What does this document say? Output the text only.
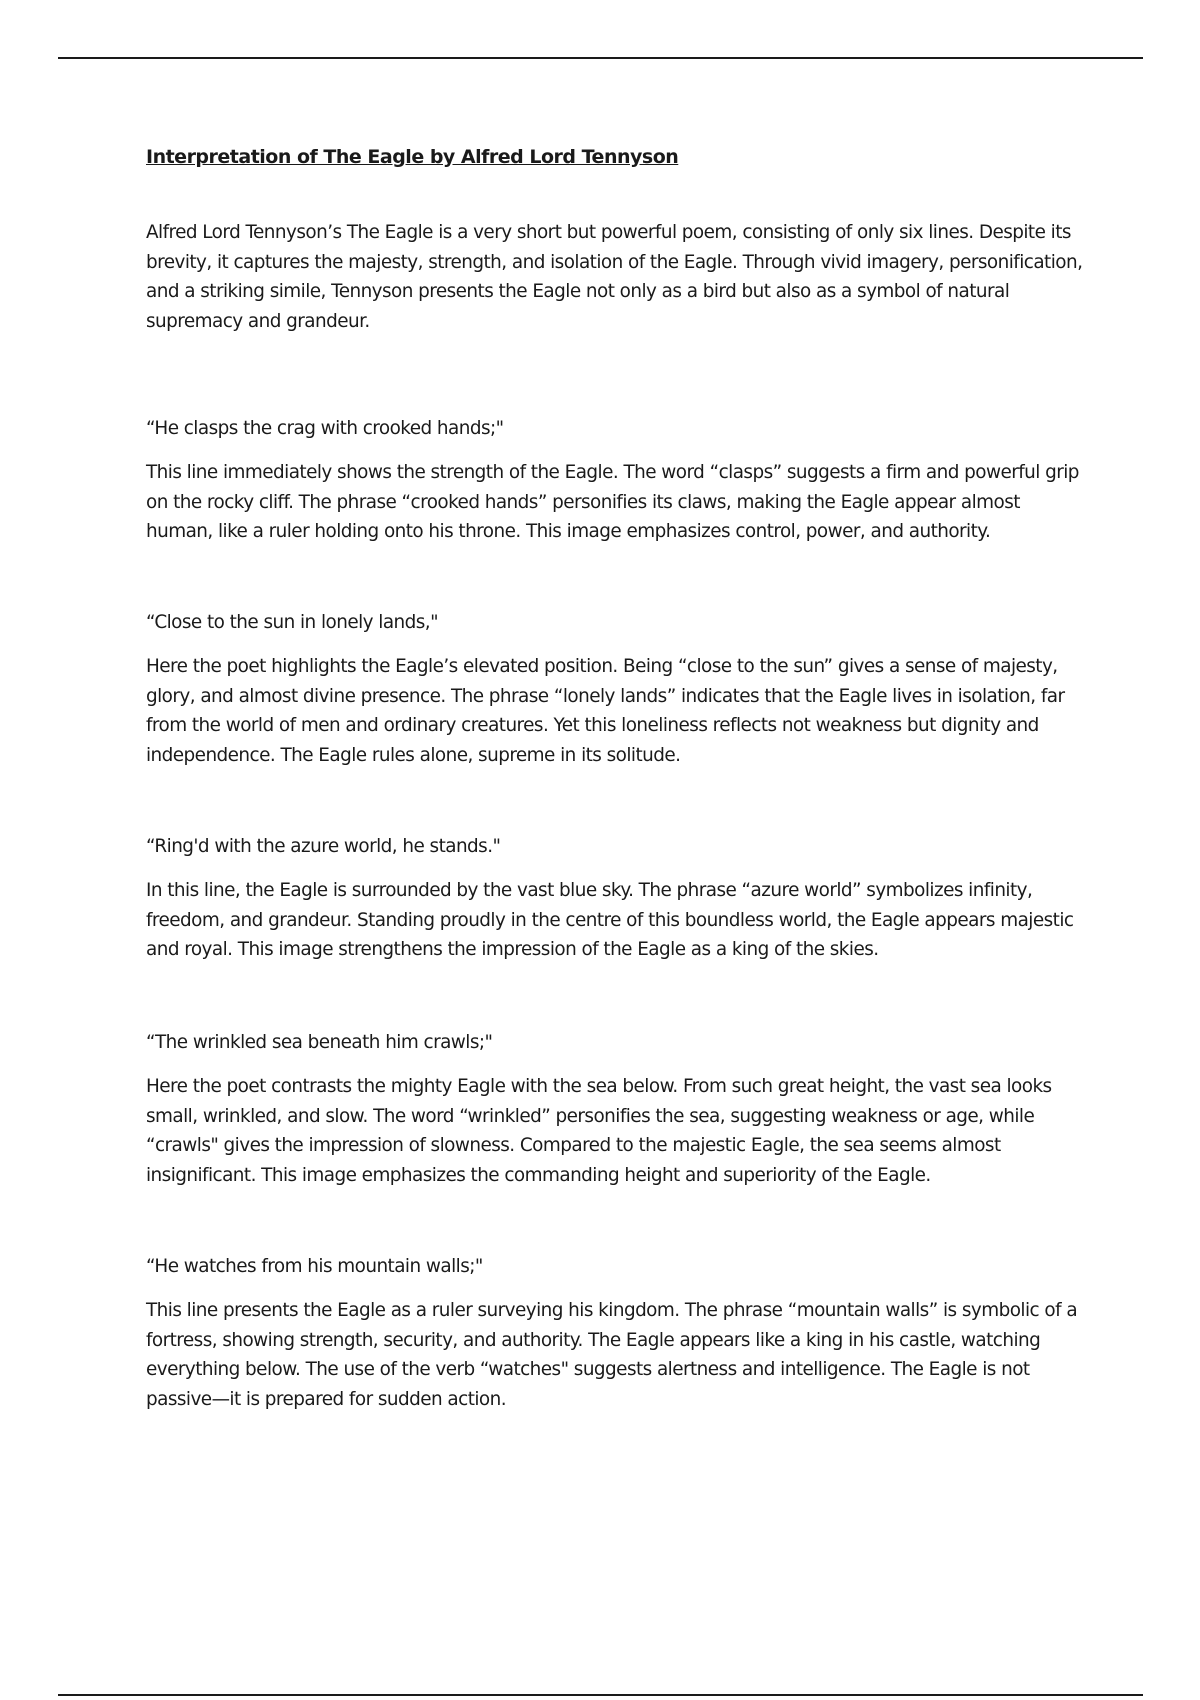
Interpretation of The Eagle by Alfred Lord Tennyson

Alfred Lord Tennyson’s The Eagle is a very short but powerful poem, consisting of only six lines. Despite its brevity, it captures the majesty, strength, and isolation of the Eagle. Through vivid imagery, personification, and a striking simile, Tennyson presents the Eagle not only as a bird but also as a symbol of natural supremacy and grandeur.

“He clasps the crag with crooked hands;"

This line immediately shows the strength of the Eagle. The word “clasps” suggests a firm and powerful grip on the rocky cliff. The phrase “crooked hands” personifies its claws, making the Eagle appear almost human, like a ruler holding onto his throne. This image emphasizes control, power, and authority.

“Close to the sun in lonely lands,"

Here the poet highlights the Eagle’s elevated position. Being “close to the sun” gives a sense of majesty, glory, and almost divine presence. The phrase “lonely lands” indicates that the Eagle lives in isolation, far from the world of men and ordinary creatures. Yet this loneliness reflects not weakness but dignity and independence. The Eagle rules alone, supreme in its solitude.

“Ring'd with the azure world, he stands."

In this line, the Eagle is surrounded by the vast blue sky. The phrase “azure world” symbolizes infinity, freedom, and grandeur. Standing proudly in the centre of this boundless world, the Eagle appears majestic and royal. This image strengthens the impression of the Eagle as a king of the skies.

“The wrinkled sea beneath him crawls;"

Here the poet contrasts the mighty Eagle with the sea below. From such great height, the vast sea looks small, wrinkled, and slow. The word “wrinkled” personifies the sea, suggesting weakness or age, while “crawls" gives the impression of slowness. Compared to the majestic Eagle, the sea seems almost insignificant. This image emphasizes the commanding height and superiority of the Eagle.

“He watches from his mountain walls;"

This line presents the Eagle as a ruler surveying his kingdom. The phrase “mountain walls” is symbolic of a fortress, showing strength, security, and authority. The Eagle appears like a king in his castle, watching everything below. The use of the verb “watches" suggests alertness and intelligence. The Eagle is not passive—it is prepared for sudden action.
